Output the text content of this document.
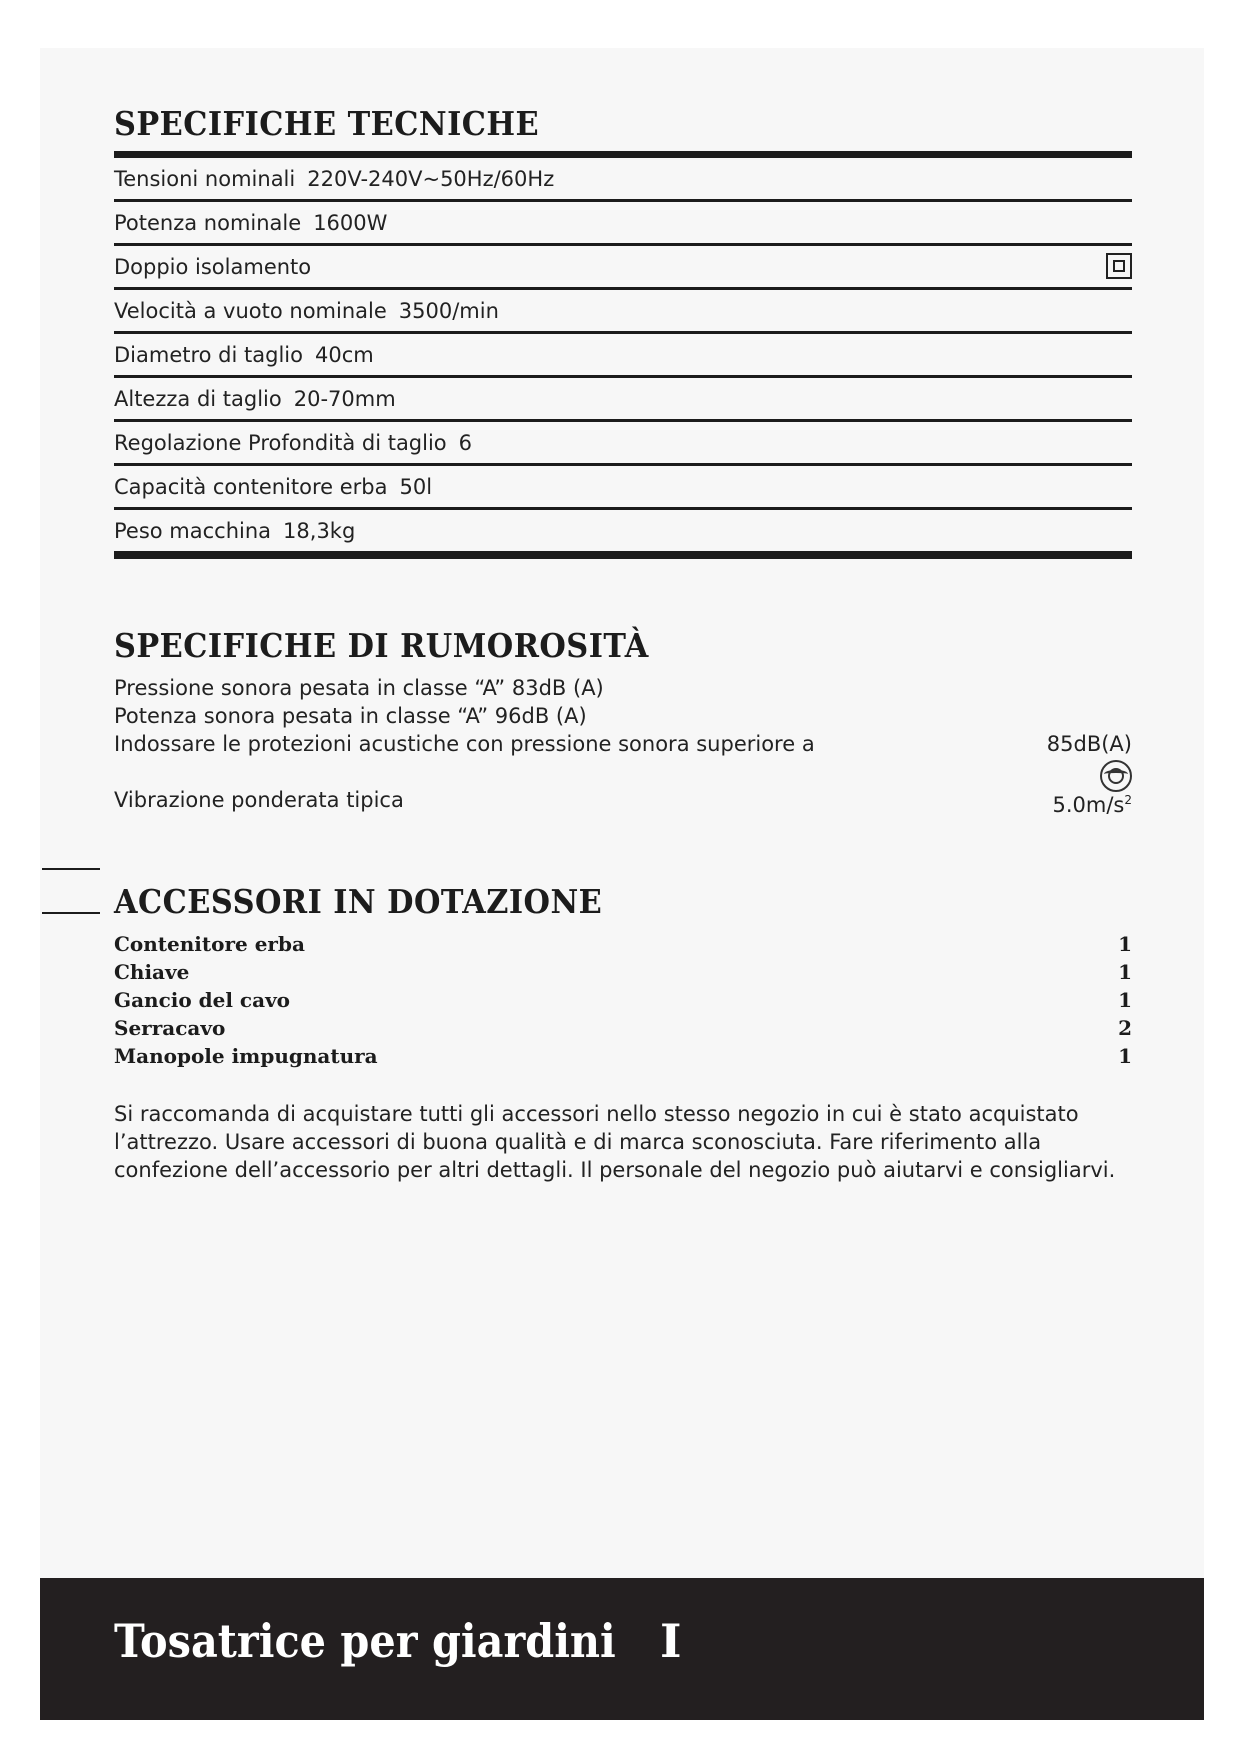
SPECIFICHE TECNICHE
Tensioni nominali 220V-240V~50Hz/60Hz
Potenza nominale 1600W
Doppio isolamento
Velocità a vuoto nominale 3500/min
Diametro di taglio 40cm
Altezza di taglio 20-70mm
Regolazione Profondità di taglio 6
Capacità contenitore erba 50l
Peso macchina 18,3kg
SPECIFICHE DI RUMOROSITÀ
Pressione sonora pesata in classe “A” 83dB (A)
Potenza sonora pesata in classe “A” 96dB (A)
Indossare le protezioni acustiche con pressione sonora superiore a	85dB(A)
Vibrazione ponderata tipica	$5.0m/s^2$
ACCESSORI IN DOTAZIONE
Contenitore erba	1
Chiave	1
Gancio del cavo	1
Serracavo	2
Manopole impugnatura	1

Si raccomanda di acquistare tutti gli accessori nello stesso negozio in cui è stato acquistato l’attrezzo. Usare accessori di buona qualità e di marca sconosciuta. Fare riferimento alla confezione dell’accessorio per altri dettagli. Il personale del negozio può aiutarvi e consigliarvi.

Tosatrice per giardini I
